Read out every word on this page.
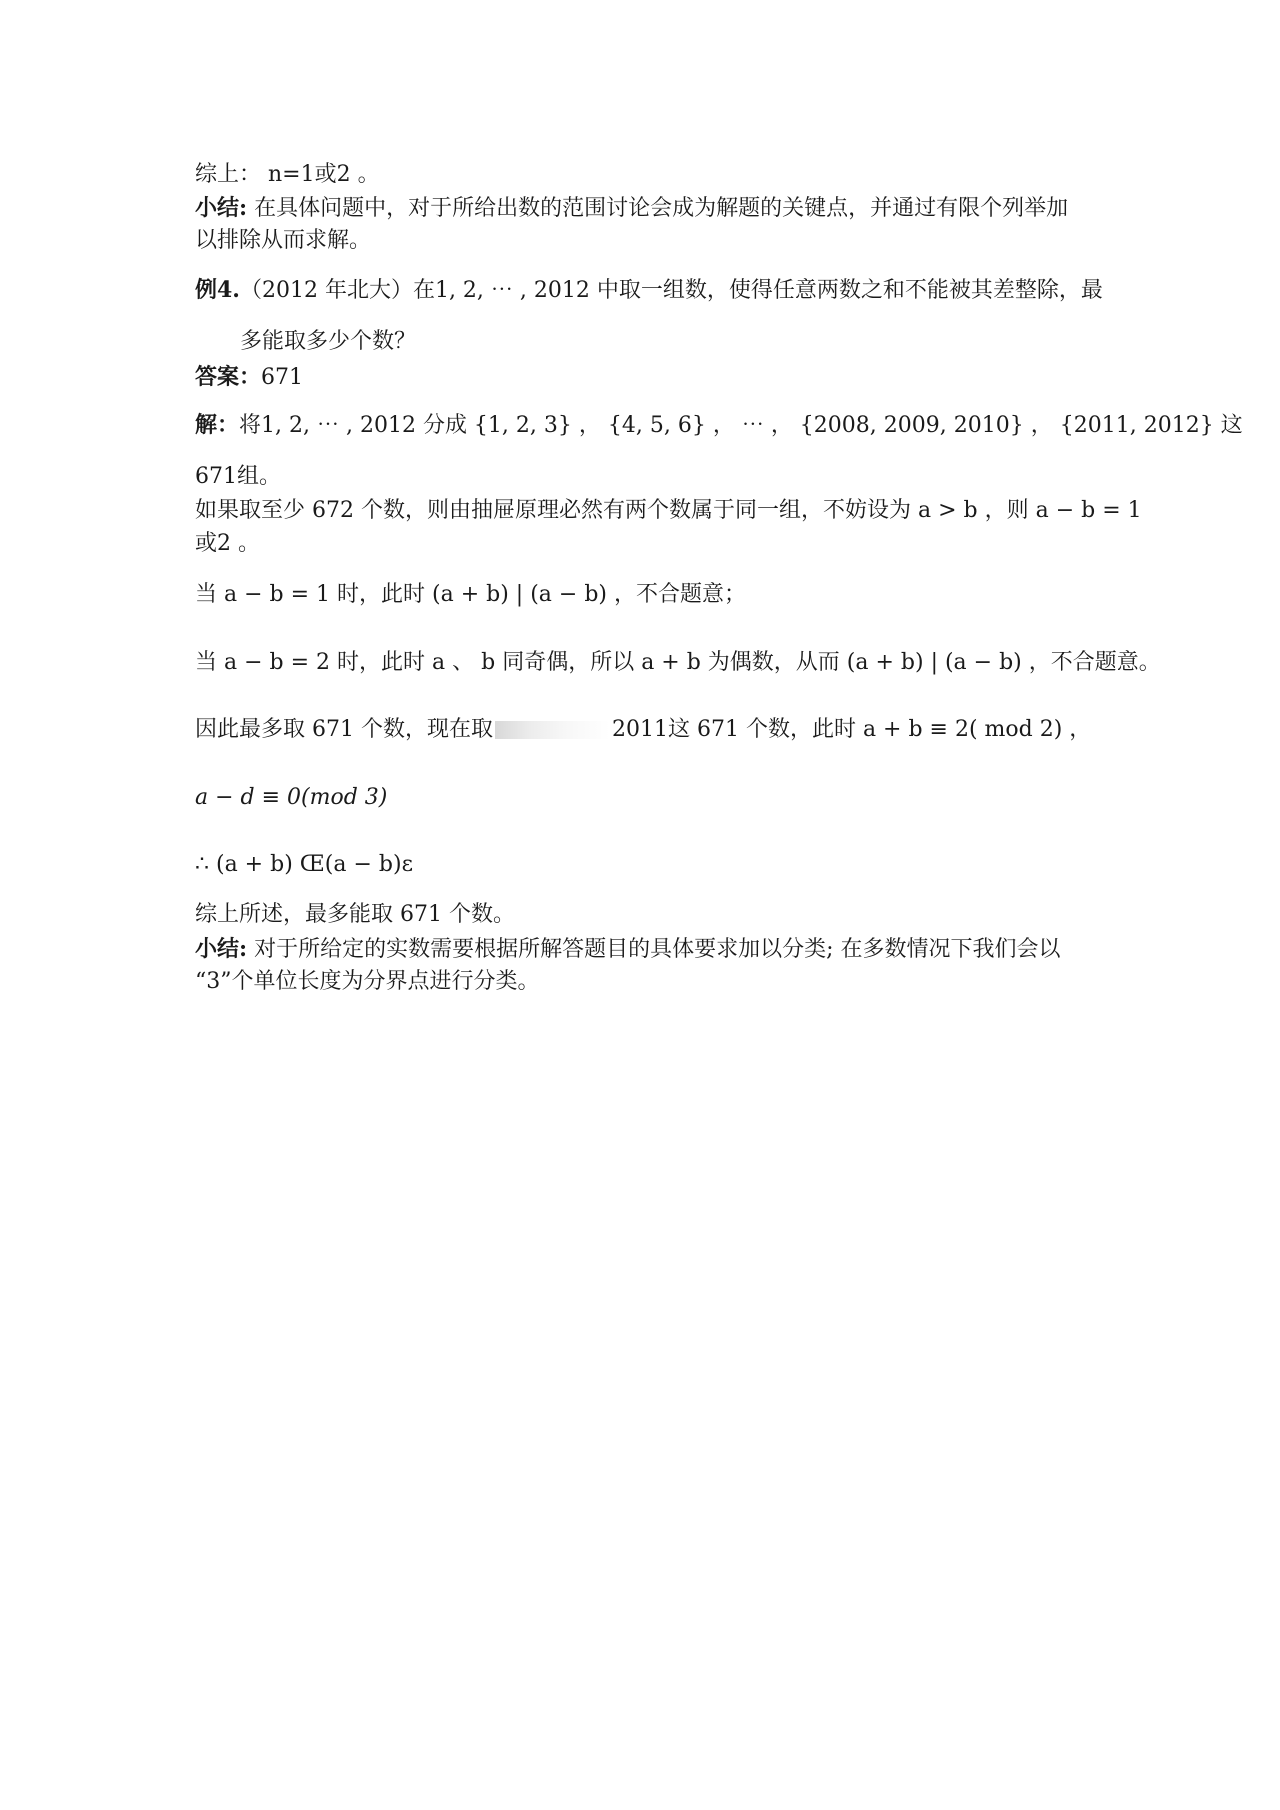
综上： n=1或2 。
小结: 在具体问题中，对于所给出数的范围讨论会成为解题的关键点，并通过有限个列举加
以排除从而求解。
例4.（2012 年北大）在1, 2, ⋯ , 2012 中取一组数，使得任意两数之和不能被其差整除，最
多能取多少个数？
答案：671
解：将1, 2, ⋯ , 2012 分成 {1, 2, 3} ， {4, 5, 6} ， ⋯ ， {2008, 2009, 2010} ， {2011, 2012} 这
671组。
如果取至少 672 个数，则由抽屉原理必然有两个数属于同一组，不妨设为 a > b ，则 a − b = 1
或2 。
当 a − b = 1 时，此时 (a + b) | (a − b) ，不合题意；
当 a − b = 2 时，此时 a 、 b 同奇偶，所以 a + b 为偶数，从而 (a + b) | (a − b) ，不合题意。
因此最多取 671 个数，现在取	2011这 671 个数，此时 a + b ≡ 2( mod 2) ，
a − d ≡ 0(mod 3)
∴ (a + b) Œ(a − b)ε
综上所述，最多能取 671 个数。
小结: 对于所给定的实数需要根据所解答题目的具体要求加以分类; 在多数情况下我们会以
“3”个单位长度为分界点进行分类。
